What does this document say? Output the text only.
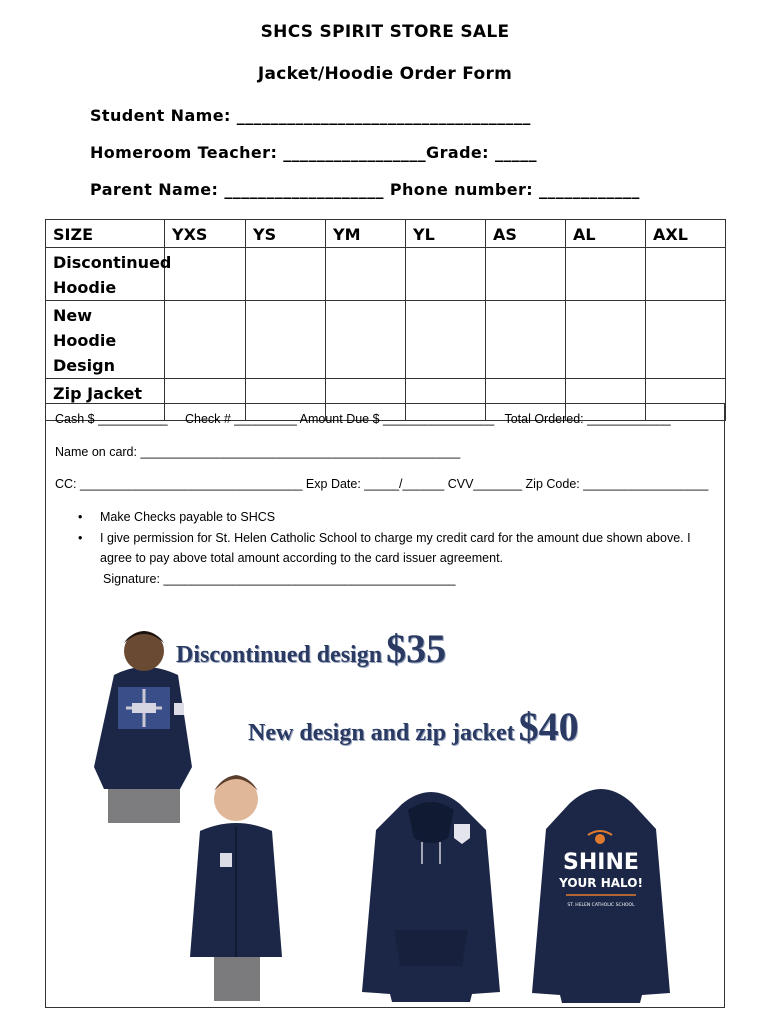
SHCS SPIRIT STORE SALE
Jacket/Hoodie Order Form
Student Name: ___________________________________
Homeroom Teacher: _________________Grade: _____
Parent Name: ___________________ Phone number: ____________
SIZE	YXS	YS	YM	YL	AS	AL	AXL
Discontinued Hoodie							
New Hoodie Design							
Zip Jacket							
Cash $ __________     Check # _________ Amount Due $ ________________   Total Ordered: ____________
Name on card: ______________________________________________
CC: ________________________________ Exp Date: _____/______ CVV_______ Zip Code: __________________
• Make Checks payable to SHCS
• I give permission for St. Helen Catholic School to charge my credit card for the amount due shown above. I agree to pay above total amount according to the card issuer agreement.
Signature: __________________________________________
Discontinued design $35
New design and zip jacket $40
SHINE
YOUR HALO!
ST. HELEN CATHOLIC SCHOOL
